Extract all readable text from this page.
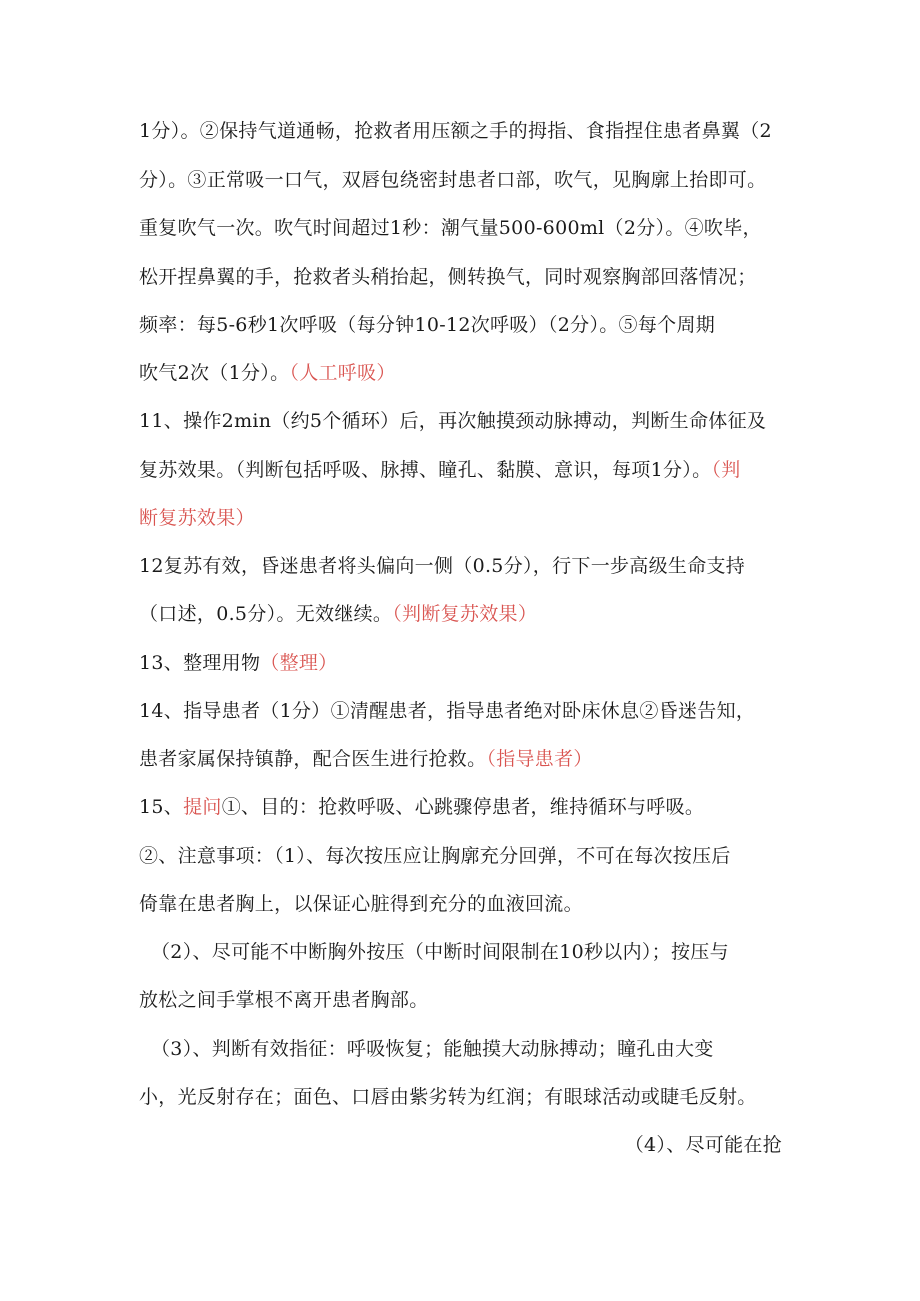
1分）。②保持气道通畅，抢救者用压额之手的拇指、食指捏住患者鼻翼（2
分）。③正常吸一口气，双唇包绕密封患者口部，吹气，见胸廓上抬即可。
重复吹气一次。吹气时间超过1秒：潮气量500-600ml（2分）。④吹毕，
松开捏鼻翼的手，抢救者头稍抬起，侧转换气，同时观察胸部回落情况；
频率：每5-6秒1次呼吸（每分钟10-12次呼吸）（2分）。⑤每个周期
吹气2次（1分）。（人工呼吸）
11、操作2min（约5个循环）后，再次触摸颈动脉搏动，判断生命体征及
复苏效果。（判断包括呼吸、脉搏、瞳孔、黏膜、意识，每项1分）。（判
断复苏效果）
12复苏有效，昏迷患者将头偏向一侧（0.5分），行下一步高级生命支持
（口述，0.5分）。无效继续。（判断复苏效果）
13、整理用物（整理）
14、指导患者（1分）①清醒患者，指导患者绝对卧床休息②昏迷告知，
患者家属保持镇静，配合医生进行抢救。（指导患者）
15、提问①、目的：抢救呼吸、心跳骤停患者，维持循环与呼吸。
②、注意事项：（1）、每次按压应让胸廓充分回弹，不可在每次按压后
倚靠在患者胸上，以保证心脏得到充分的血液回流。
（2）、尽可能不中断胸外按压（中断时间限制在10秒以内）；按压与
放松之间手掌根不离开患者胸部。
（3）、判断有效指征：呼吸恢复；能触摸大动脉搏动；瞳孔由大变
小，光反射存在；面色、口唇由紫劣转为红润；有眼球活动或睫毛反射。
（4）、尽可能在抢
